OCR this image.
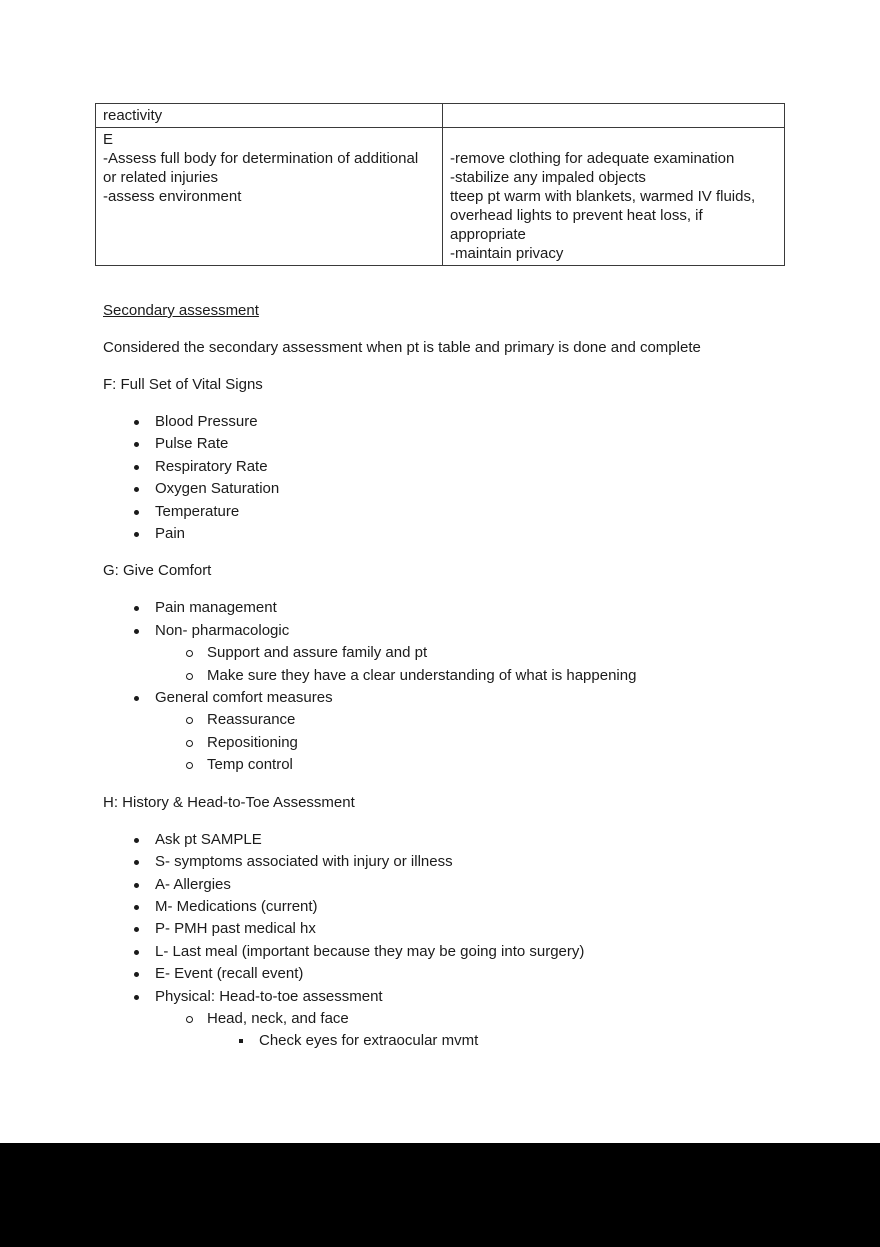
reactivity
E
-Assess full body for determination of additional or related injuries
-assess environment
-remove clothing for adequate examination
-stabilize any impaled objects
tteep pt warm with blankets, warmed IV fluids, overhead lights to prevent heat loss, if appropriate
-maintain privacy

Secondary assessment

Considered the secondary assessment when pt is table and primary is done and complete

F: Full Set of Vital Signs

Blood Pressure
Pulse Rate
Respiratory Rate
Oxygen Saturation
Temperature
Pain

G: Give Comfort

Pain management
Non- pharmacologic
Support and assure family and pt
Make sure they have a clear understanding of what is happening
General comfort measures
Reassurance
Repositioning
Temp control

H: History & Head-to-Toe Assessment

Ask pt SAMPLE
S- symptoms associated with injury or illness
A- Allergies
M- Medications (current)
P- PMH past medical hx
L- Last meal (important because they may be going into surgery)
E- Event (recall event)
Physical: Head-to-toe assessment
Head, neck, and face
Check eyes for extraocular mvmt
